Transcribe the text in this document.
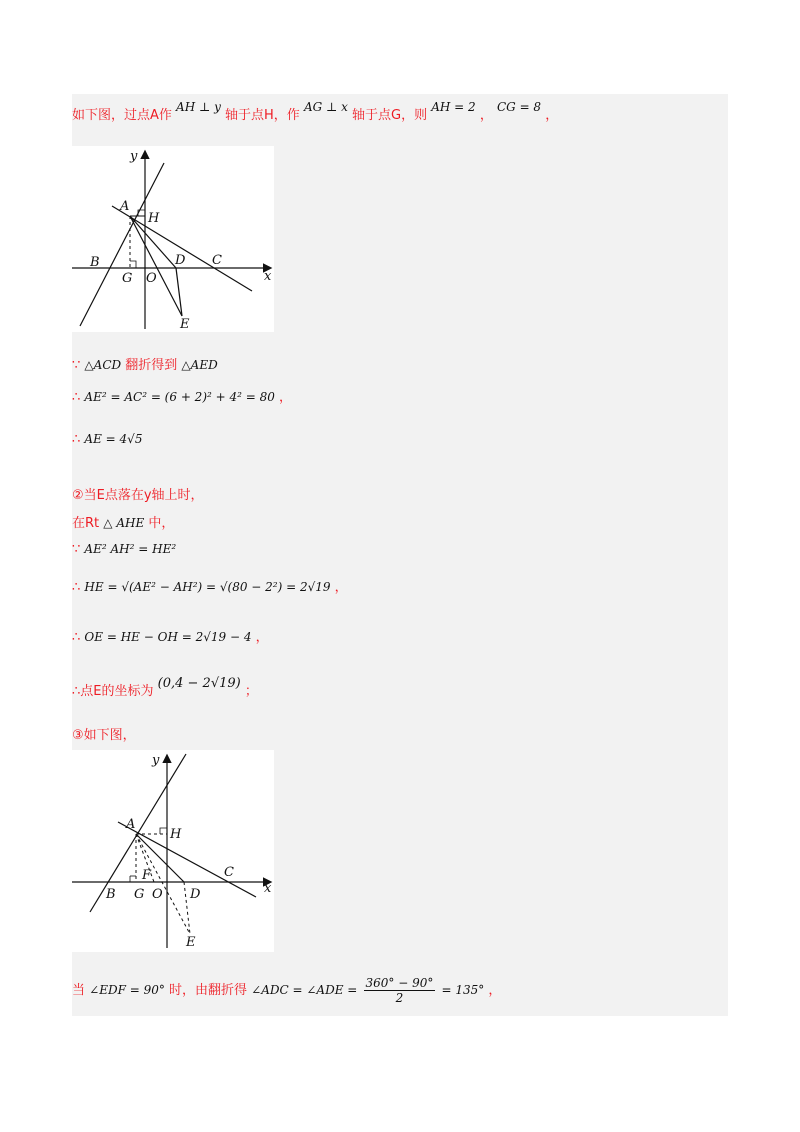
如下图，过点A作 AH ⊥ y 轴于点H，作 AG ⊥ x 轴于点G，则 AH = 2 ， CG = 8 ，
y
x
A
H
B	C
D
E
G O
∵ △ACD 翻折得到 △AED
∴ AE² = AC² = (6 + 2)² + 4² = 80 ，
∴ AE = 4√5
②当E点落在y轴上时，
在Rt △ AHE 中，
∵ AE² AH² = HE²
∴ HE = √(AE² − AH²) = √(80 − 2²) = 2√19 ，
∴ OE = HE − OH = 2√19 − 4 ，
∴点E的坐标为 (0,4 − 2√19) ；
③如下图，
y
x
A
H
B
C
D
E
G O
F
当 ∠EDF = 90° 时，由翻折得 ∠ADC = ∠ADE = $\frac{360^\circ - 90^\circ}{2} = 135^\circ$ ，
